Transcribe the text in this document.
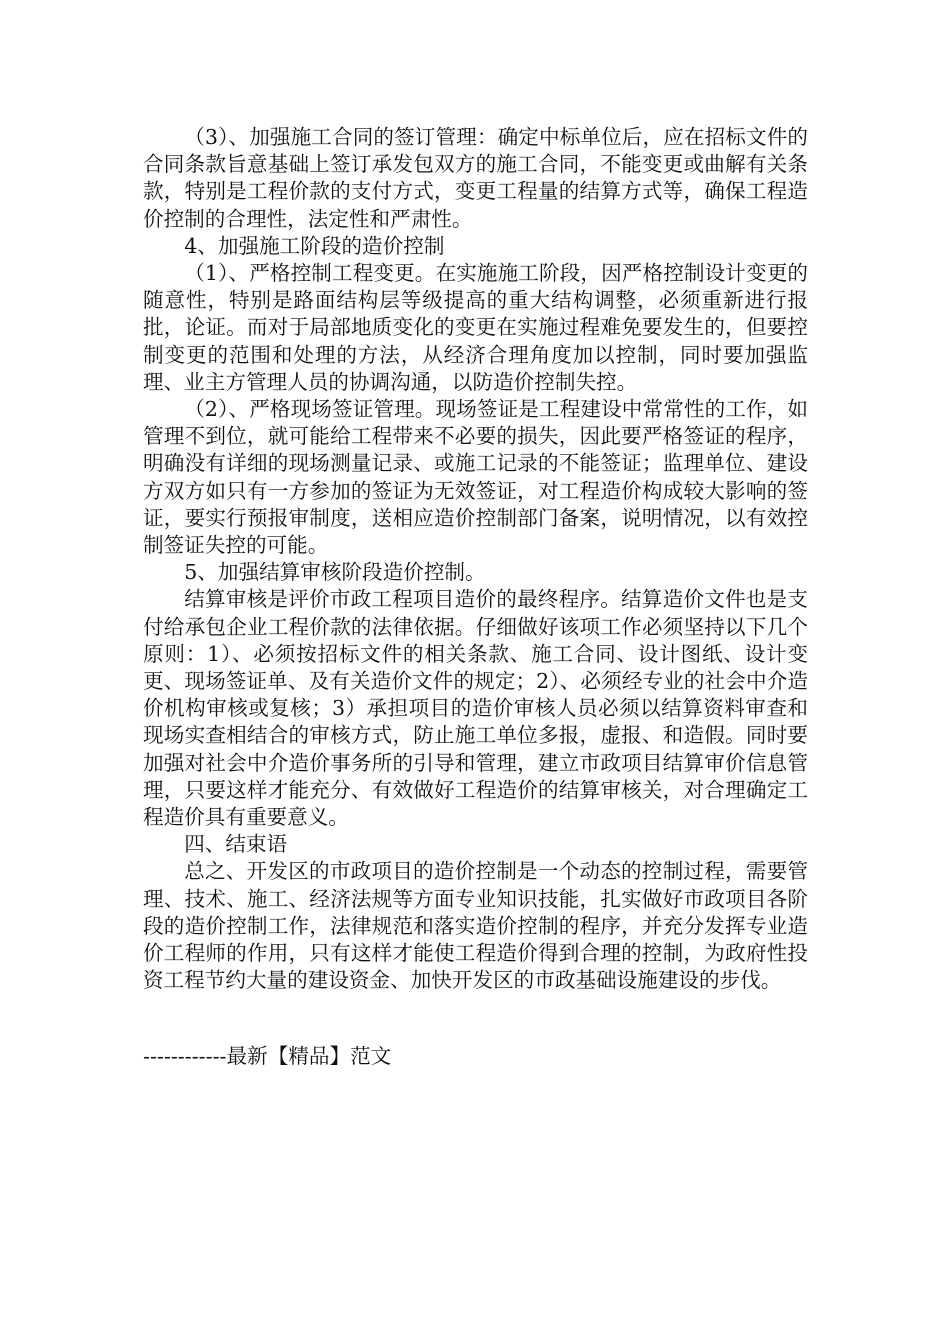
（3）、加强施工合同的签订管理：确定中标单位后，应在招标文件的合同条款旨意基础上签订承发包双方的施工合同，不能变更或曲解有关条款，特别是工程价款的支付方式，变更工程量的结算方式等，确保工程造价控制的合理性，法定性和严肃性。

4、加强施工阶段的造价控制

（1）、严格控制工程变更。在实施施工阶段，因严格控制设计变更的随意性，特别是路面结构层等级提高的重大结构调整，必须重新进行报批，论证。而对于局部地质变化的变更在实施过程难免要发生的，但要控制变更的范围和处理的方法，从经济合理角度加以控制，同时要加强监理、业主方管理人员的协调沟通，以防造价控制失控。

（2）、严格现场签证管理。现场签证是工程建设中常常性的工作，如管理不到位，就可能给工程带来不必要的损失，因此要严格签证的程序，明确没有详细的现场测量记录、或施工记录的不能签证；监理单位、建设方双方如只有一方参加的签证为无效签证，对工程造价构成较大影响的签证，要实行预报审制度，送相应造价控制部门备案，说明情况，以有效控制签证失控的可能。

5、加强结算审核阶段造价控制。

结算审核是评价市政工程项目造价的最终程序。结算造价文件也是支付给承包企业工程价款的法律依据。仔细做好该项工作必须坚持以下几个原则：1）、必须按招标文件的相关条款、施工合同、设计图纸、设计变更、现场签证单、及有关造价文件的规定；2）、必须经专业的社会中介造价机构审核或复核；3）承担项目的造价审核人员必须以结算资料审查和现场实查相结合的审核方式，防止施工单位多报，虚报、和造假。同时要加强对社会中介造价事务所的引导和管理，建立市政项目结算审价信息管理，只要这样才能充分、有效做好工程造价的结算审核关，对合理确定工程造价具有重要意义。

四、结束语

总之、开发区的市政项目的造价控制是一个动态的控制过程，需要管理、技术、施工、经济法规等方面专业知识技能，扎实做好市政项目各阶段的造价控制工作，法律规范和落实造价控制的程序，并充分发挥专业造价工程师的作用，只有这样才能使工程造价得到合理的控制，为政府性投资工程节约大量的建设资金、加快开发区的市政基础设施建设的步伐。

------------最新【精品】范文
